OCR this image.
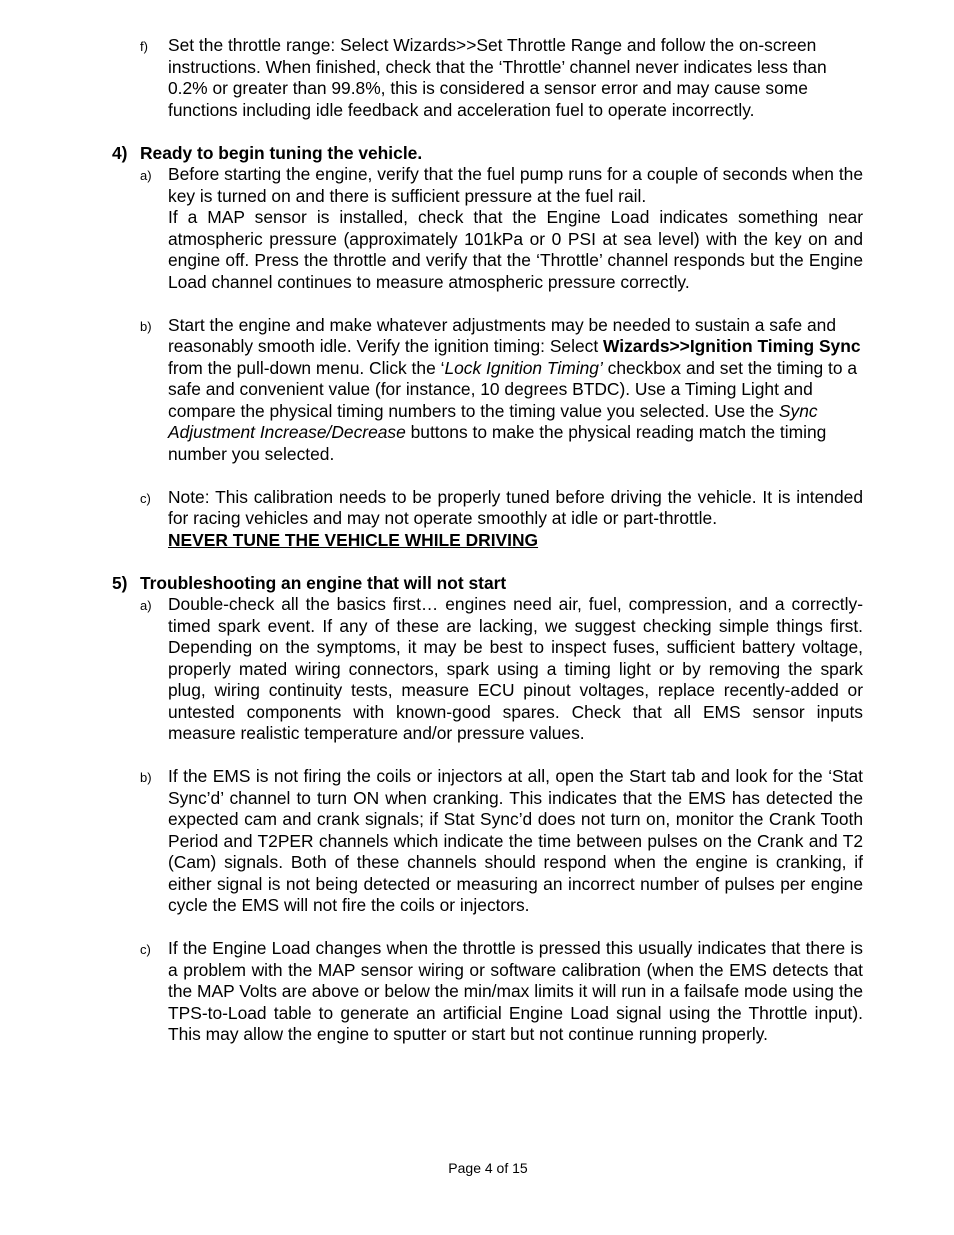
f) Set the throttle range: Select Wizards>>Set Throttle Range and follow the on-screen instructions. When finished, check that the ‘Throttle’ channel never indicates less than 0.2% or greater than 99.8%, this is considered a sensor error and may cause some functions including idle feedback and acceleration fuel to operate incorrectly.

4) Ready to begin tuning the vehicle.
a) Before starting the engine, verify that the fuel pump runs for a couple of seconds when the key is turned on and there is sufficient pressure at the fuel rail.

If a MAP sensor is installed, check that the Engine Load indicates something near atmospheric pressure (approximately 101kPa or 0 PSI at sea level) with the key on and engine off. Press the throttle and verify that the ‘Throttle’ channel responds but the Engine Load channel continues to measure atmospheric pressure correctly.

b) Start the engine and make whatever adjustments may be needed to sustain a safe and reasonably smooth idle. Verify the ignition timing: Select Wizards>>Ignition Timing Sync from the pull-down menu. Click the ‘Lock Ignition Timing’ checkbox and set the timing to a safe and convenient value (for instance, 10 degrees BTDC). Use a Timing Light and compare the physical timing numbers to the timing value you selected. Use the Sync Adjustment Increase/Decrease buttons to make the physical reading match the timing number you selected.

c) Note: This calibration needs to be properly tuned before driving the vehicle. It is intended for racing vehicles and may not operate smoothly at idle or part-throttle.

NEVER TUNE THE VEHICLE WHILE DRIVING

5) Troubleshooting an engine that will not start
a) Double-check all the basics first… engines need air, fuel, compression, and a correctly-timed spark event. If any of these are lacking, we suggest checking simple things first. Depending on the symptoms, it may be best to inspect fuses, sufficient battery voltage, properly mated wiring connectors, spark using a timing light or by removing the spark plug, wiring continuity tests, measure ECU pinout voltages, replace recently-added or untested components with known-good spares. Check that all EMS sensor inputs measure realistic temperature and/or pressure values.

b) If the EMS is not firing the coils or injectors at all, open the Start tab and look for the ‘Stat Sync’d’ channel to turn ON when cranking. This indicates that the EMS has detected the expected cam and crank signals; if Stat Sync’d does not turn on, monitor the Crank Tooth Period and T2PER channels which indicate the time between pulses on the Crank and T2 (Cam) signals. Both of these channels should respond when the engine is cranking, if either signal is not being detected or measuring an incorrect number of pulses per engine cycle the EMS will not fire the coils or injectors.

c) If the Engine Load changes when the throttle is pressed this usually indicates that there is a problem with the MAP sensor wiring or software calibration (when the EMS detects that the MAP Volts are above or below the min/max limits it will run in a failsafe mode using the TPS-to-Load table to generate an artificial Engine Load signal using the Throttle input). This may allow the engine to sputter or start but not continue running properly.

Page 4 of 15
